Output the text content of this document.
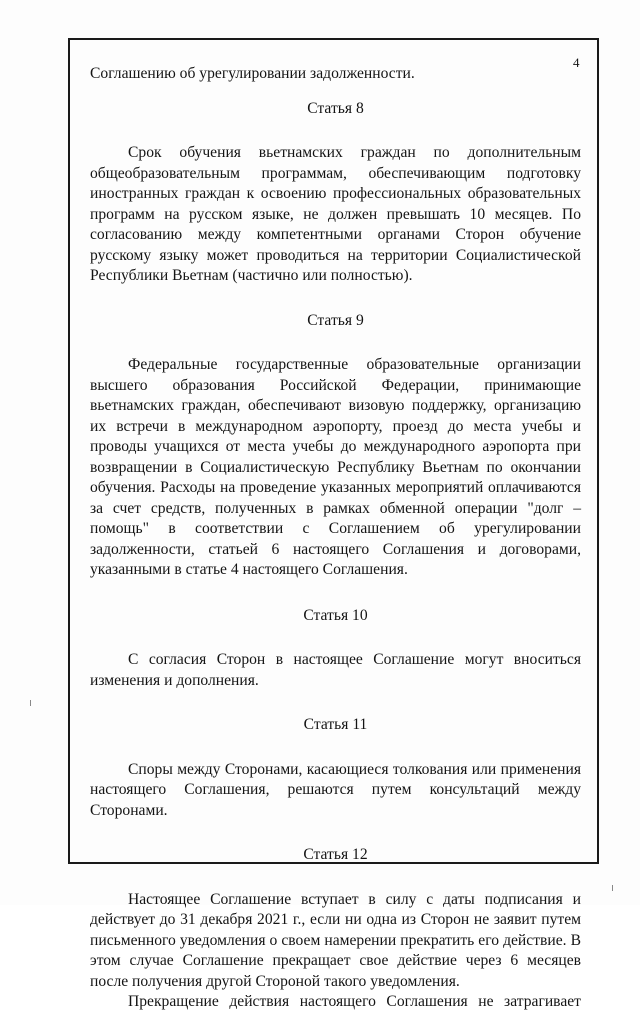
4

Соглашению об урегулировании задолженности.

Статья 8

Срок обучения вьетнамских граждан по дополнительным общеобразовательным программам, обеспечивающим подготовку иностранных граждан к освоению профессиональных образовательных программ на русском языке, не должен превышать 10 месяцев. По согласованию между компетентными органами Сторон обучение русскому языку может проводиться на территории Социалистической Республики Вьетнам (частично или полностью).

Статья 9

Федеральные государственные образовательные организации высшего образования Российской Федерации, принимающие вьетнамских граждан, обеспечивают визовую поддержку, организацию их встречи в международном аэропорту, проезд до места учебы и проводы учащихся от места учебы до международного аэропорта при возвращении в Социалистическую Республику Вьетнам по окончании обучения. Расходы на проведение указанных мероприятий оплачиваются за счет средств, полученных в рамках обменной операции "долг – помощь" в соответствии с Соглашением об урегулировании задолженности, статьей 6 настоящего Соглашения и договорами, указанными в статье 4 настоящего Соглашения.

Статья 10

С согласия Сторон в настоящее Соглашение могут вноситься изменения и дополнения.

Статья 11

Споры между Сторонами, касающиеся толкования или применения настоящего Соглашения, решаются путем консультаций между Сторонами.

Статья 12

Настоящее Соглашение вступает в силу с даты подписания и действует до 31 декабря 2021 г., если ни одна из Сторон не заявит путем письменного уведомления о своем намерении прекратить его действие. В этом случае Соглашение прекращает свое действие через 6 месяцев после получения другой Стороной такого уведомления.

Прекращение действия настоящего Соглашения не затрагивает
